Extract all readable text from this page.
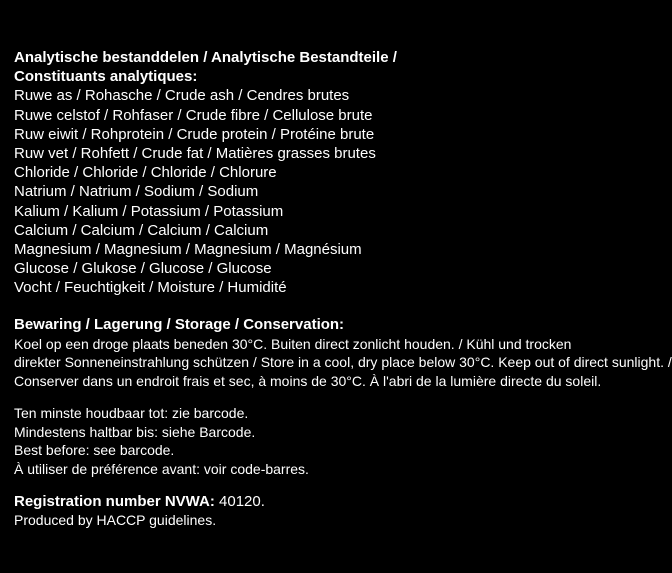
Analytische bestanddelen / Analytische Bestandteile /
Constituants analytiques:
Ruwe as / Rohasche / Crude ash / Cendres brutes
Ruwe celstof / Rohfaser / Crude fibre / Cellulose brute
Ruw eiwit / Rohprotein / Crude protein / Protéine brute
Ruw vet / Rohfett / Crude fat / Matières grasses brutes
Chloride / Chloride / Chloride / Chlorure
Natrium / Natrium / Sodium / Sodium
Kalium / Kalium / Potassium / Potassium
Calcium / Calcium / Calcium / Calcium
Magnesium / Magnesium / Magnesium / Magnésium
Glucose / Glukose / Glucose / Glucose
Vocht / Feuchtigkeit / Moisture / Humidité
Bewaring / Lagerung / Storage / Conservation:
Koel op een droge plaats beneden 30°C. Buiten direct zonlicht houden. / Kühl und trocken
direkter Sonneneinstrahlung schützen / Store in a cool, dry place below 30°C. Keep out of direct sunlight. /
Conserver dans un endroit frais et sec, à moins de 30°C. À l'abri de la lumière directe du soleil.
Ten minste houdbaar tot: zie barcode.
Mindestens haltbar bis: siehe Barcode.
Best before: see barcode.
À utiliser de préférence avant: voir code-barres.
Registration number NVWA: 40120.
Produced by HACCP guidelines.
